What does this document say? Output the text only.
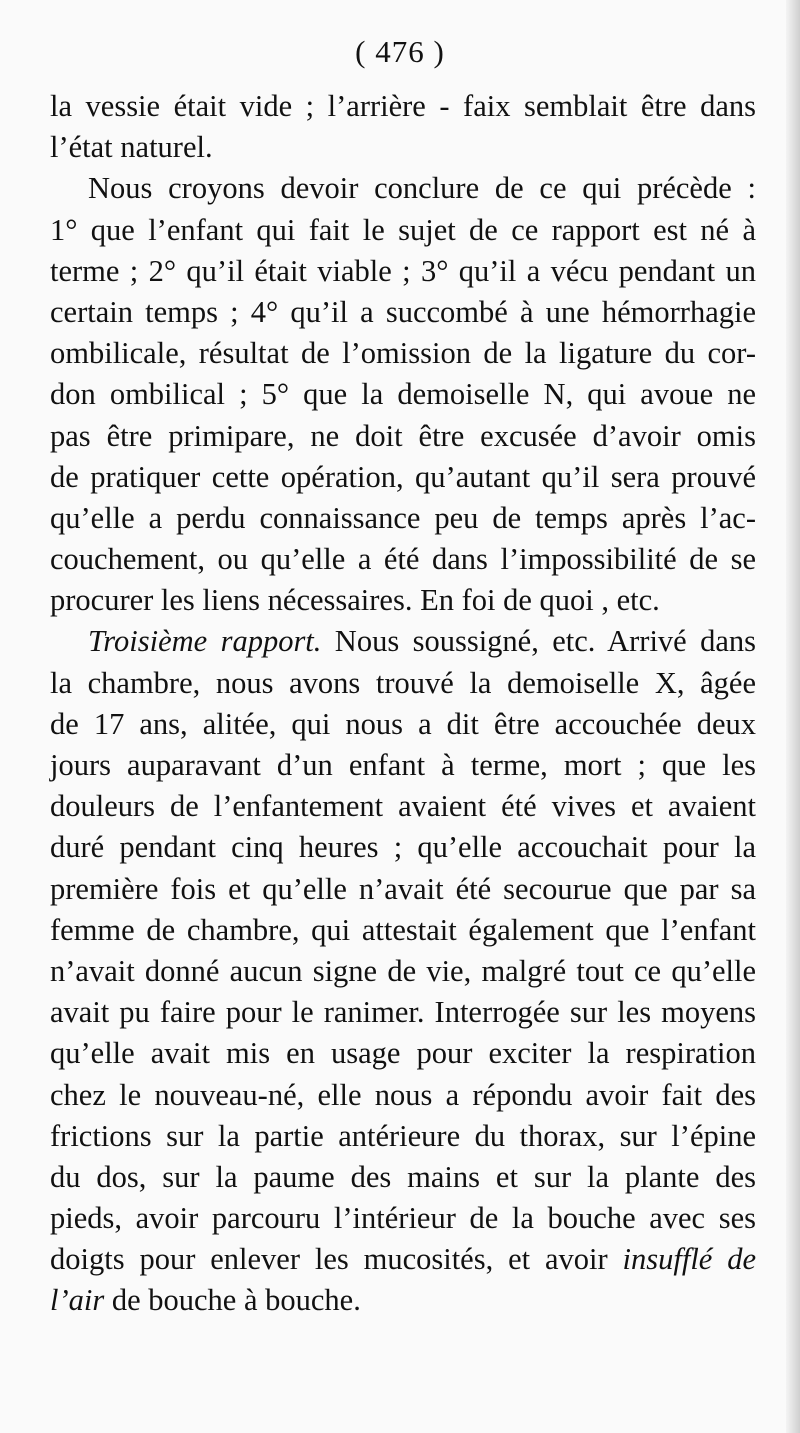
( 476 )
la vessie était vide ; l’arrière - faix semblait être dans
l’état naturel.
Nous croyons devoir conclure de ce qui précède :
1° que l’enfant qui fait le sujet de ce rapport est né à
terme ; 2° qu’il était viable ; 3° qu’il a vécu pendant un
certain temps ; 4° qu’il a succombé à une hémorrhagie
ombilicale, résultat de l’omission de la ligature du cor-
don ombilical ; 5° que la demoiselle N, qui avoue ne
pas être primipare, ne doit être excusée d’avoir omis
de pratiquer cette opération, qu’autant qu’il sera prouvé
qu’elle a perdu connaissance peu de temps après l’ac-
couchement, ou qu’elle a été dans l’impossibilité de se
procurer les liens nécessaires. En foi de quoi , etc.
Troisième rapport. Nous soussigné, etc. Arrivé dans
la chambre, nous avons trouvé la demoiselle X, âgée
de 17 ans, alitée, qui nous a dit être accouchée deux
jours auparavant d’un enfant à terme, mort ; que les
douleurs de l’enfantement avaient été vives et avaient
duré pendant cinq heures ; qu’elle accouchait pour la
première fois et qu’elle n’avait été secourue que par sa
femme de chambre, qui attestait également que l’enfant
n’avait donné aucun signe de vie, malgré tout ce qu’elle
avait pu faire pour le ranimer. Interrogée sur les moyens
qu’elle avait mis en usage pour exciter la respiration
chez le nouveau-né, elle nous a répondu avoir fait des
frictions sur la partie antérieure du thorax, sur l’épine
du dos, sur la paume des mains et sur la plante des
pieds, avoir parcouru l’intérieur de la bouche avec ses
doigts pour enlever les mucosités, et avoir insufflé de
l’air de bouche à bouche.
